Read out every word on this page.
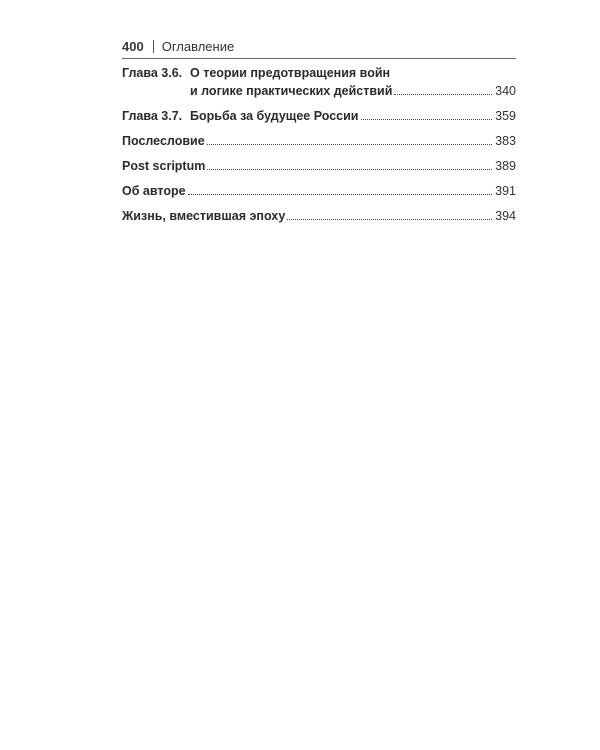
400 Оглавление
Глава 3.6. О теории предотвращения войн
и логике практических действий	340
Глава 3.7. Борьба за будущее России	359
Послесловие	383
Post scriptum	389
Об авторе	391
Жизнь, вместившая эпоху	394
